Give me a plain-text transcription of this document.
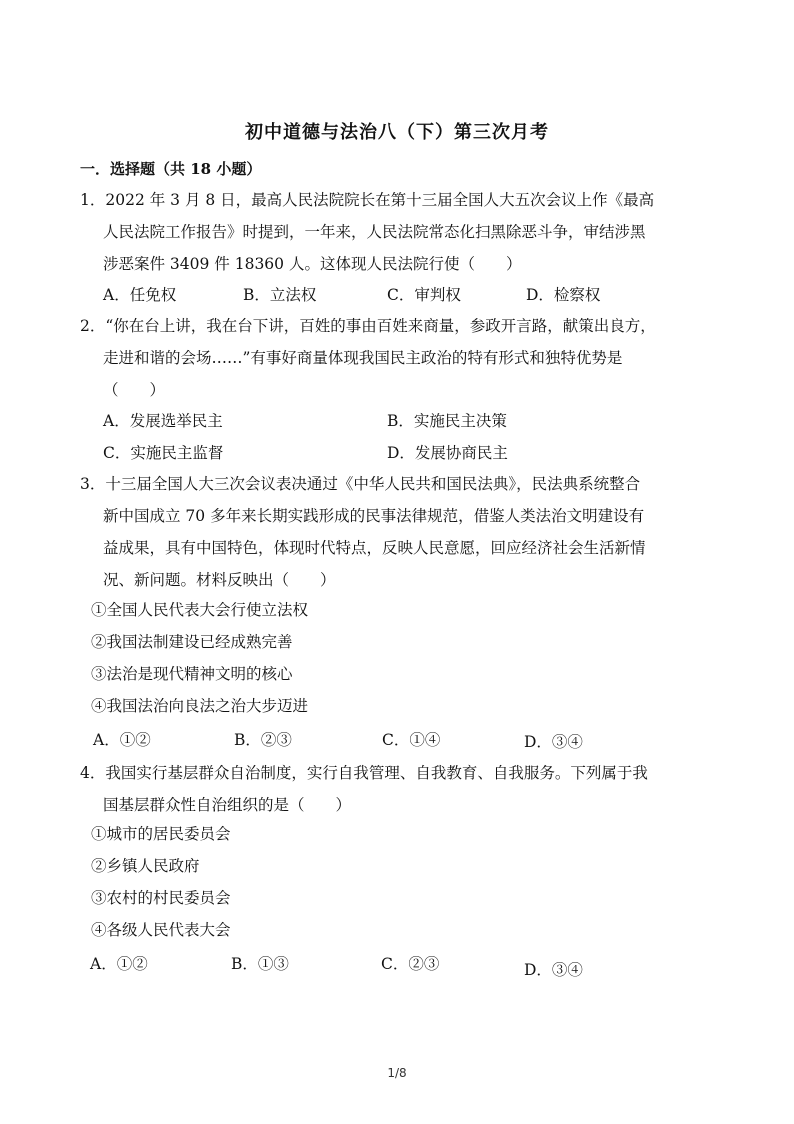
初中道德与法治八（下）第三次月考
一．选择题（共 18 小题）
1．2022 年 3 月 8 日，最高人民法院院长在第十三届全国人大五次会议上作《最高
人民法院工作报告》时提到，一年来，人民法院常态化扫黑除恶斗争，审结涉黑
涉恶案件 3409 件 18360 人。这体现人民法院行使（　　）
A．任免权	B．立法权	C．审判权	D．检察权
2．“你在台上讲，我在台下讲，百姓的事由百姓来商量，参政开言路，献策出良方，
走进和谐的会场……”有事好商量体现我国民主政治的特有形式和独特优势是
（　　）
A．发展选举民主	B．实施民主决策
C．实施民主监督	D．发展协商民主
3．十三届全国人大三次会议表决通过《中华人民共和国民法典》，民法典系统整合
新中国成立 70 多年来长期实践形成的民事法律规范，借鉴人类法治文明建设有
益成果，具有中国特色，体现时代特点，反映人民意愿，回应经济社会生活新情
况、新问题。材料反映出（　　）
①全国人民代表大会行使立法权
②我国法制建设已经成熟完善
③法治是现代精神文明的核心
④我国法治向良法之治大步迈进
A．①②	B．②③	C．①④	D．③④
4．我国实行基层群众自治制度，实行自我管理、自我教育、自我服务。下列属于我
国基层群众性自治组织的是（　　）
①城市的居民委员会
②乡镇人民政府
③农村的村民委员会
④各级人民代表大会
A．①②	B．①③	C．②③	D．③④
1/8
